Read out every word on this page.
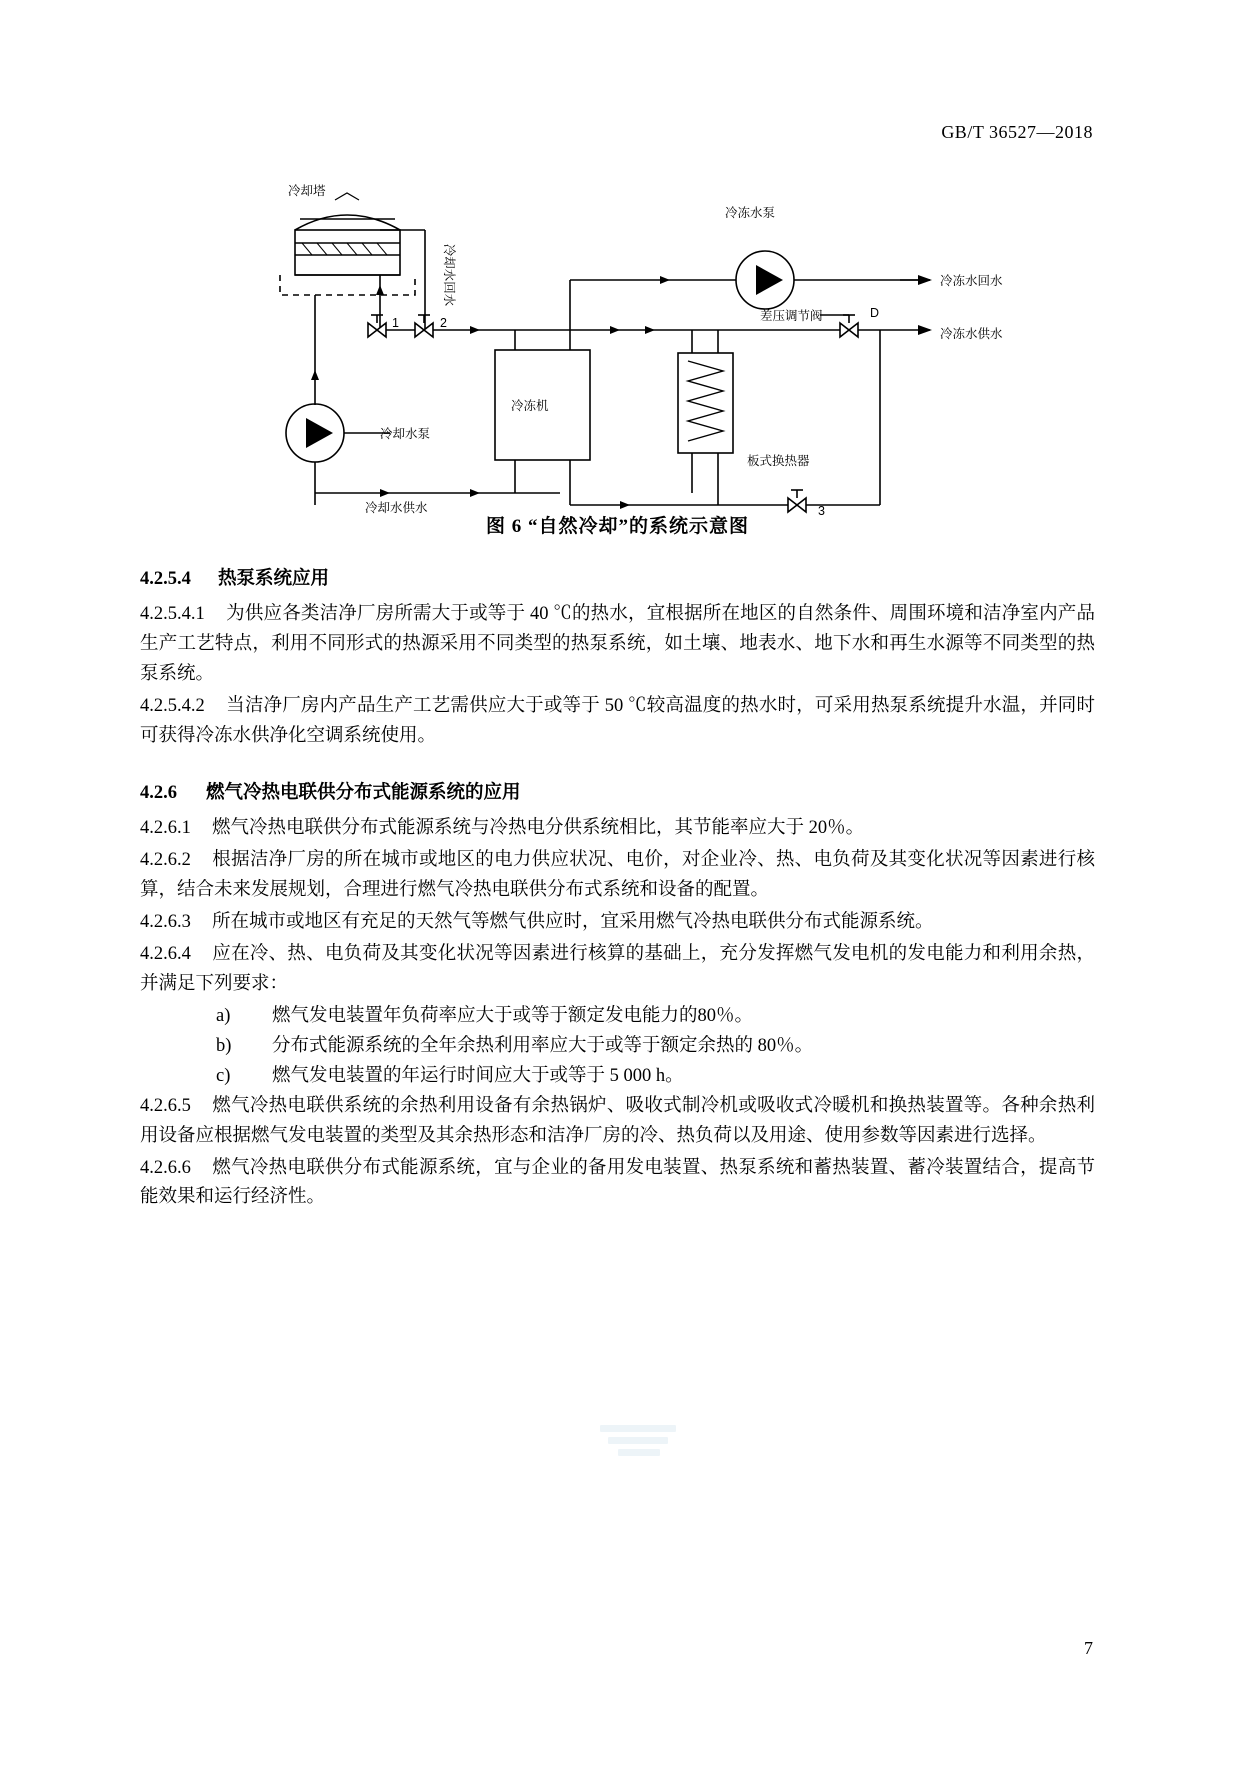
GB/T 36527—2018
冷却塔
冷却水回水
冷冻水泵
冷冻水回水
冷冻水供水
差压调节阀
冷却水泵
冷冻机
板式换热器
冷却水供水
1	2
3
D
图 6 “自然冷却”的系统示意图
4.2.5.4 热泵系统应用

4.2.5.4.1 为供应各类洁净厂房所需大于或等于 40 ℃的热水，宜根据所在地区的自然条件、周围环境和洁净室内产品生产工艺特点，利用不同形式的热源采用不同类型的热泵系统，如土壤、地表水、地下水和再生水源等不同类型的热泵系统。

4.2.5.4.2 当洁净厂房内产品生产工艺需供应大于或等于 50 ℃较高温度的热水时，可采用热泵系统提升水温，并同时可获得冷冻水供净化空调系统使用。

4.2.6 燃气冷热电联供分布式能源系统的应用

4.2.6.1 燃气冷热电联供分布式能源系统与冷热电分供系统相比，其节能率应大于 20％。

4.2.6.2 根据洁净厂房的所在城市或地区的电力供应状况、电价，对企业冷、热、电负荷及其变化状况等因素进行核算，结合未来发展规划，合理进行燃气冷热电联供分布式系统和设备的配置。

4.2.6.3 所在城市或地区有充足的天然气等燃气供应时，宜采用燃气冷热电联供分布式能源系统。

4.2.6.4 应在冷、热、电负荷及其变化状况等因素进行核算的基础上，充分发挥燃气发电机的发电能力和利用余热，并满足下列要求：

a) 燃气发电装置年负荷率应大于或等于额定发电能力的80％。

b) 分布式能源系统的全年余热利用率应大于或等于额定余热的 80％。

c) 燃气发电装置的年运行时间应大于或等于 5 000 h。

4.2.6.5 燃气冷热电联供系统的余热利用设备有余热锅炉、吸收式制冷机或吸收式冷暖机和换热装置等。各种余热利用设备应根据燃气发电装置的类型及其余热形态和洁净厂房的冷、热负荷以及用途、使用参数等因素进行选择。

4.2.6.6 燃气冷热电联供分布式能源系统，宜与企业的备用发电装置、热泵系统和蓄热装置、蓄冷装置结合，提高节能效果和运行经济性。

7
